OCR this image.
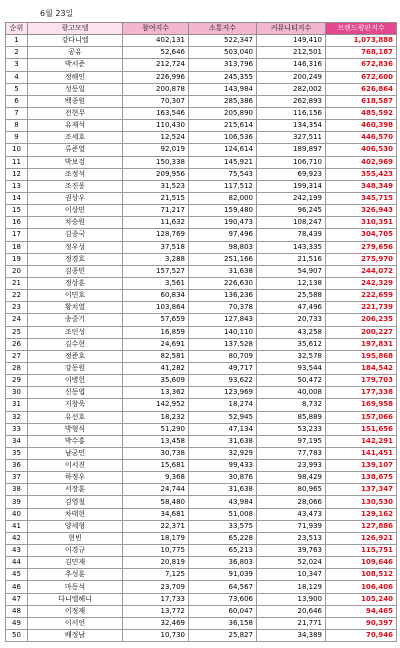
6월 23일
순위	광고모델	참여지수	소통지수	커뮤니티지수	브랜드평판지수
1	강다니엘	402,131	522,347	149,410	1,073,888
2	공유	52,646	503,040	212,501	768,187
3	박서준	212,724	313,796	146,316	672,836
4	정해인	226,996	245,355	200,249	672,600
5	성동일	200,878	143,984	282,002	626,864
6	백종원	70,307	285,386	262,893	618,587
7	전현무	163,546	205,890	116,156	485,592
8	유재석	110,430	215,614	134,354	460,398
9	조세호	12,524	106,536	327,511	446,570
10	류준열	92,019	124,614	189,897	406,530
11	박보검	150,338	145,921	106,710	402,969
12	조정석	209,956	75,543	69,923	355,423
13	조진웅	31,523	117,512	199,314	348,349
14	권상우	21,515	82,000	242,199	345,715
15	이상민	71,217	159,480	96,245	326,943
16	차승원	11,632	190,473	108,247	310,351
17	김종국	128,769	97,496	78,439	304,705
18	정우성	37,518	98,803	143,335	279,656
19	정경호	3,288	251,166	21,516	275,970
20	김종민	157,527	31,638	54,907	244,072
21	정상훈	3,561	226,630	12,138	242,329
22	이민호	60,834	136,236	25,588	222,659
23	황치열	103,864	70,378	47,496	221,739
24	송중기	57,659	127,843	20,733	206,235
25	조인성	16,859	140,110	43,258	200,227
26	김수현	24,691	137,528	35,612	197,831
27	정준호	82,581	80,709	32,578	195,868
28	강동원	41,282	49,717	93,544	184,542
29	이병헌	35,609	93,622	50,472	179,703
30	신동엽	13,362	123,969	40,008	177,338
31	지창욱	142,952	18,274	8,732	169,958
32	유선호	18,232	52,945	85,889	157,066
33	박형식	51,290	47,134	53,233	151,656
34	박수홍	13,458	31,638	97,195	142,291
35	남궁민	30,738	32,929	77,783	141,451
36	이서진	15,681	99,433	23,993	139,107
37	하정우	9,368	30,876	98,429	138,675
38	서장훈	24,744	31,638	80,965	137,347
39	김영철	58,480	43,984	28,066	130,530
40	차태현	34,681	51,008	43,473	129,162
41	양세형	22,371	33,575	71,939	127,886
42	현빈	18,179	65,228	23,513	126,921
43	이경규	10,775	65,213	39,763	115,751
44	김민재	20,819	36,803	52,024	109,646
45	추성훈	7,125	91,039	10,347	108,512
46	마동석	23,709	64,567	18,129	106,406
47	다니엘헤니	17,733	73,606	13,900	105,240
48	이정재	13,772	60,047	20,646	94,465
49	이서언	32,469	36,158	21,771	90,397
50	배정남	10,730	25,827	34,389	70,946
